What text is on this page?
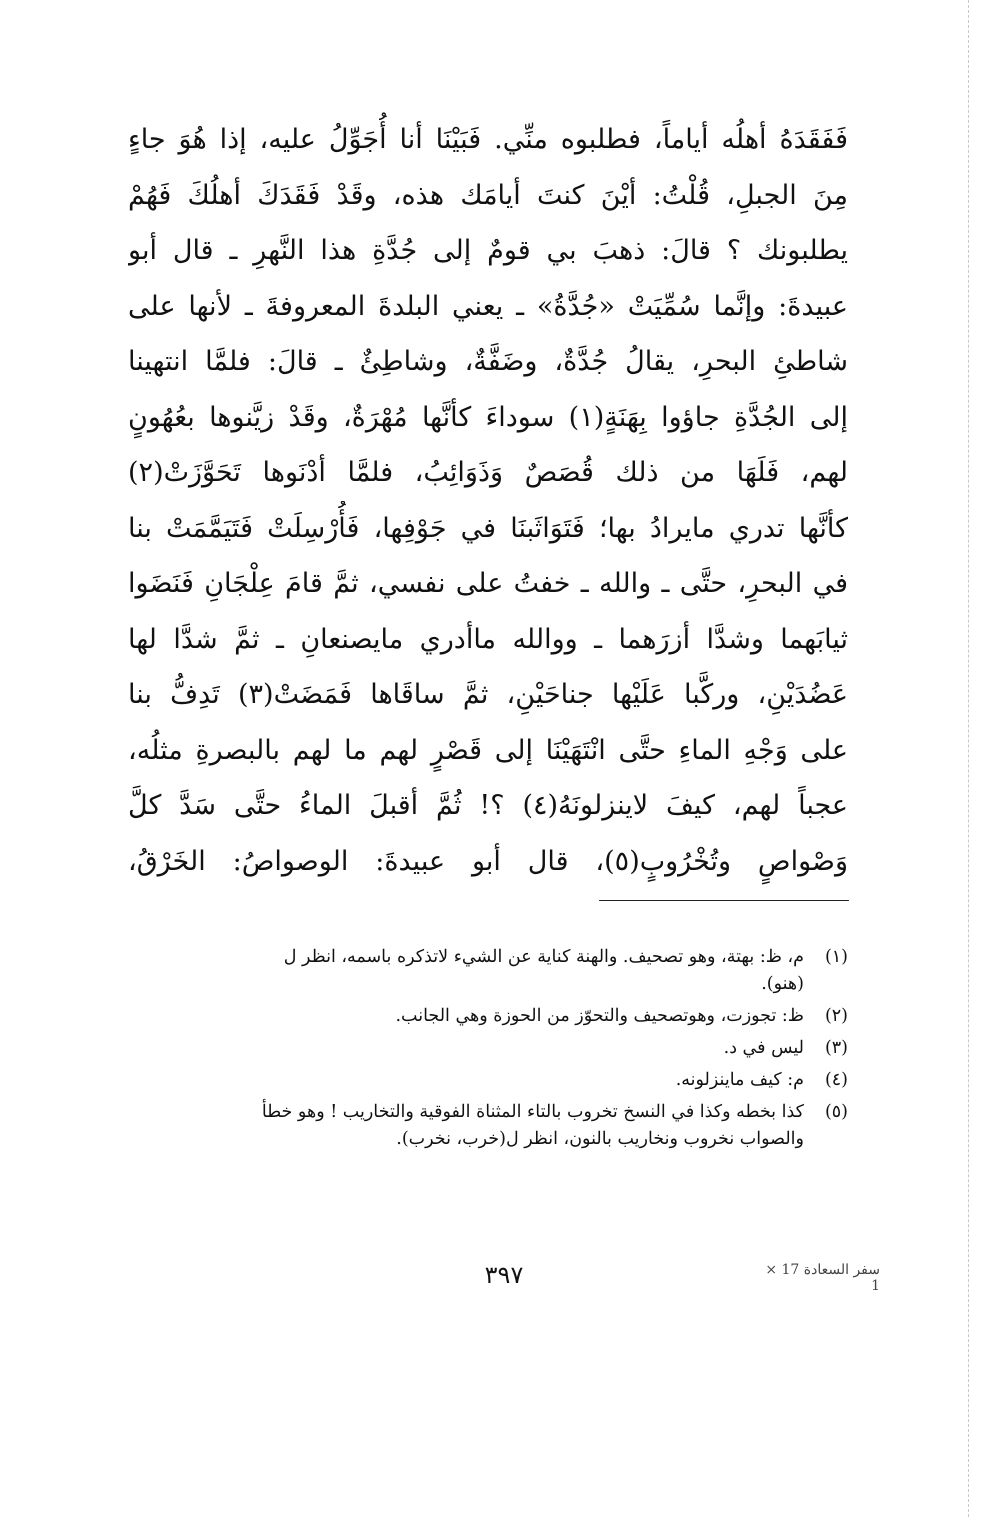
فَفَقَدَهُ أهلُه أياماً، فطلبوه منِّي. فَبَيْنَا أنا أُجَوِّلُ عليه، إذا هُوَ جاءٍ
مِنَ الجبلِ، قُلْتُ: أيْنَ كنتَ أيامَك هذه، وقَدْ فَقَدَكَ أهلُكَ فَهُمْ
يطلبونك ؟ قالَ: ذهبَ بي قومٌ إلى جُدَّةِ هذا النَّهرِ ـ قال أبو
عبيدةَ: وإنَّما سُمِّيَتْ «جُدَّةُ» ـ يعني البلدةَ المعروفةَ ـ لأنها على
شاطئِ البحرِ، يقالُ جُدَّةٌ، وضَفَّةٌ، وشاطِئٌ ـ قالَ: فلمَّا انتهينا
إلى الجُدَّةِ جاؤوا بِهَنَةٍ(١) سوداءَ كأنَّها مُهْرَةٌ، وقَدْ زيَّنوها بعُهُونٍ
لهم، فَلَهَا من ذلك قُصَصٌ وَذَوَائِبُ، فلمَّا أدْنَوها تَحَوَّزَتْ(٢)
كأنَّها تدري مايرادُ بها؛ فَتَوَاثَبنَا في جَوْفِها، فَأُرْسِلَتْ فَتَيَمَّمَتْ بنا
في البحرِ، حتَّى ـ والله ـ خفتُ على نفسي، ثمَّ قامَ عِلْجَانِ فَنَضَوا
ثيابَهما وشدَّا أزرَهما ـ ووالله ماأدري مايصنعانِ ـ ثمَّ شدَّا لها
عَضُدَيْنِ، وركَّبا عَلَيْها جناحَيْنِ، ثمَّ ساقَاها فَمَضَتْ(٣) تَدِفُّ بنا
على وَجْهِ الماءِ حتَّى انْتَهَيْنَا إلى قَصْرٍ لهم ما لهم بالبصرةِ مثلُه،
عجباً لهم، كيفَ لاينزلونَهُ(٤) ؟! ثُمَّ أقبلَ الماءُ حتَّى سَدَّ كلَّ
وَصْواصٍ وتُخْرُوبٍ(٥)، قال أبو عبيدةَ: الوصواصُ: الخَرْقُ،
(١)
م، ظ: بهتة، وهو تصحيف. والهنة كناية عن الشيء لاتذكره باسمه، انظر ل
(هنو).
(٢)
ظ: تجوزت، وهوتصحيف والتحوّز من الحوزة وهي الجانب.
(٣)
ليس في د.
(٤)
م: كيف ماينزلونه.
(٥)
كذا بخطه وكذا في النسخ تخروب بالتاء المثناة الفوقية والتخاريب ! وهو خطأ
والصواب نخروب ونخاريب بالنون، انظر ل(خرب، نخرب).
٣٩٧	سفر السعادة 17 × 1
